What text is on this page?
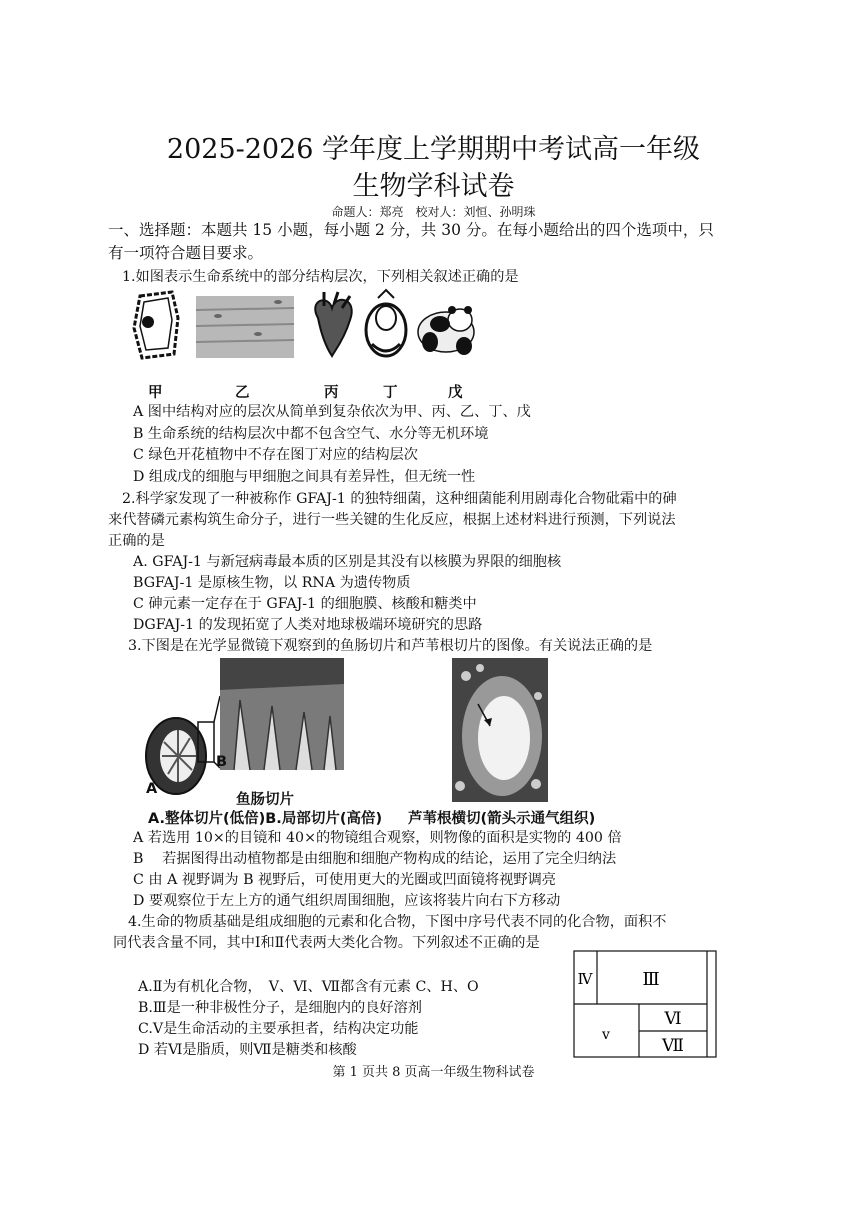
2025-2026 学年度上学期期中考试高一年级
生物学科试卷
命题人：郑亮　校对人：刘恒、孙明珠
一、选择题：本题共 15 小题，每小题 2 分，共 30 分。在每小题给出的四个选项中，只
有一项符合题目要求。
1.如图表示生命系统中的部分结构层次，下列相关叙述正确的是
甲	乙	丙	丁	戊
A 图中结构对应的层次从简单到复杂依次为甲、丙、乙、丁、戊
B 生命系统的结构层次中都不包含空气、水分等无机环境
C 绿色开花植物中不存在图丁对应的结构层次
D 组成戊的细胞与甲细胞之间具有差异性，但无统一性
2.科学家发现了一种被称作 GFAJ-1 的独特细菌，这种细菌能利用剧毒化合物砒霜中的砷
来代替磷元素构筑生命分子，进行一些关键的生化反应，根据上述材料进行预测，下列说法
正确的是
A. GFAJ-1 与新冠病毒最本质的区别是其没有以核膜为界限的细胞核
BGFAJ-1 是原核生物，以 RNA 为遗传物质
C 砷元素一定存在于 GFAJ-1 的细胞膜、核酸和糖类中
DGFAJ-1 的发现拓宽了人类对地球极端环境研究的思路
3.下图是在光学显微镜下观察到的鱼肠切片和芦苇根切片的图像。有关说法正确的是
A
B
鱼肠切片
A.整体切片(低倍)B.局部切片(高倍) 芦苇根横切(箭头示通气组织)
A 若选用 10×的目镜和 40×的物镜组合观察，则物像的面积是实物的 400 倍
B　 若据图得出动植物都是由细胞和细胞产物构成的结论，运用了完全归纳法
C 由 A 视野调为 B 视野后，可使用更大的光圈或凹面镜将视野调亮
D 要观察位于左上方的通气组织周围细胞，应该将装片向右下方移动
4.生命的物质基础是组成细胞的元素和化合物，下图中序号代表不同的化合物，面积不
同代表含量不同，其中Ⅰ和Ⅱ代表两大类化合物。下列叙述不正确的是
A.Ⅱ为有机化合物，　V、Ⅵ、Ⅶ都含有元素 C、H、O
B.Ⅲ是一种非极性分子，是细胞内的良好溶剂
C.Ⅴ是生命活动的主要承担者，结构决定功能
D 若Ⅵ是脂质，则Ⅶ是糖类和核酸
Ⅳ	Ⅲ
v
Ⅵ
Ⅶ
第 1 页共 8 页高一年级生物科试卷
